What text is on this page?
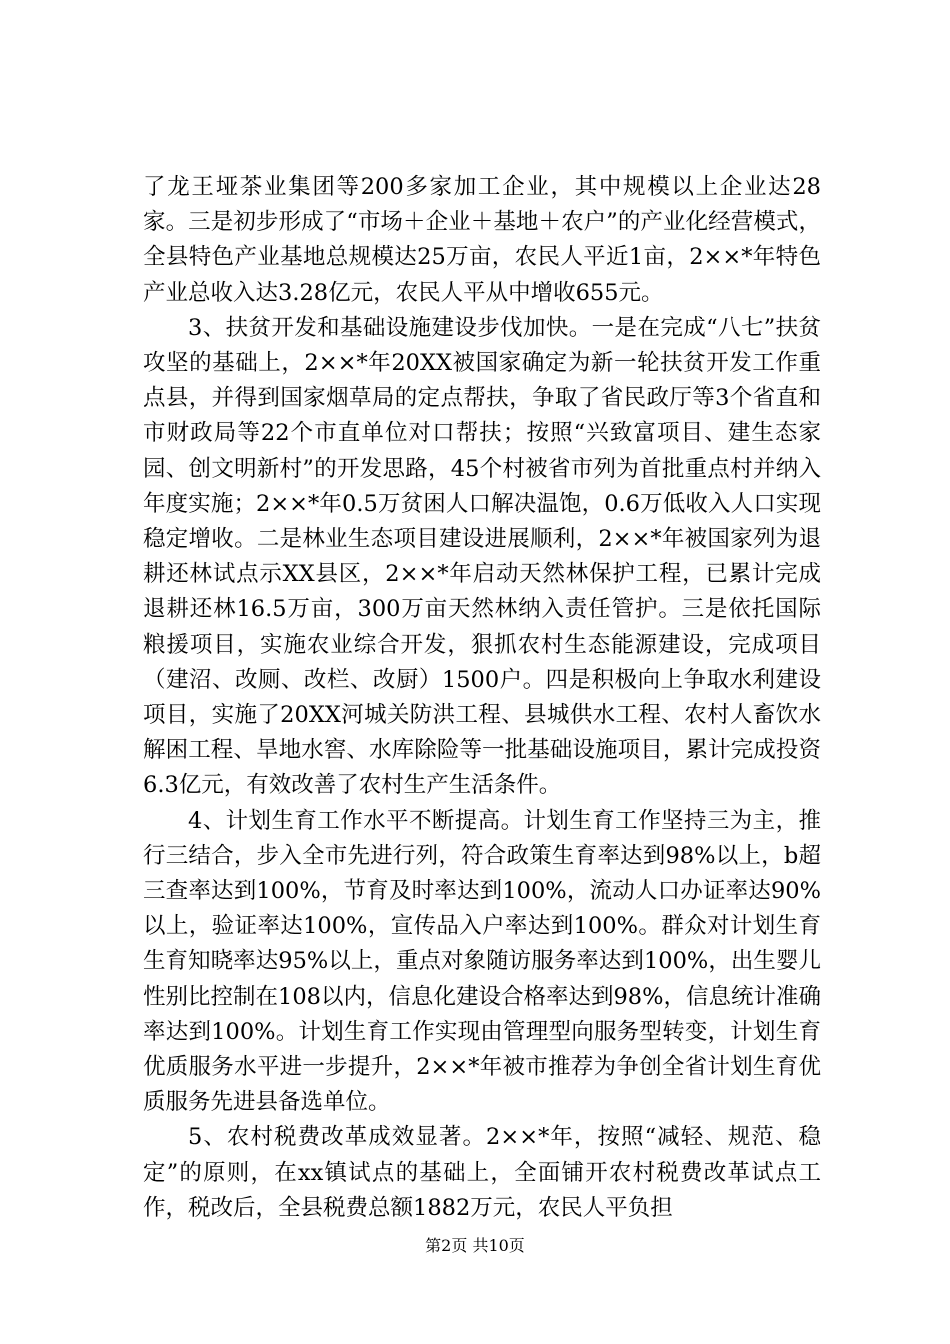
了龙王垭茶业集团等200多家加工企业，其中规模以上企业达28家。三是初步形成了“市场＋企业＋基地＋农户”的产业化经营模式，全县特色产业基地总规模达25万亩，农民人平近1亩，2××*年特色产业总收入达3.28亿元，农民人平从中增收655元。

3、扶贫开发和基础设施建设步伐加快。一是在完成“八七”扶贫攻坚的基础上，2××*年20XX被国家确定为新一轮扶贫开发工作重点县，并得到国家烟草局的定点帮扶，争取了省民政厅等3个省直和市财政局等22个市直单位对口帮扶；按照“兴致富项目、建生态家园、创文明新村”的开发思路，45个村被省市列为首批重点村并纳入年度实施；2××*年0.5万贫困人口解决温饱，0.6万低收入人口实现稳定增收。二是林业生态项目建设进展顺利，2××*年被国家列为退耕还林试点示XX县区，2××*年启动天然林保护工程，已累计完成退耕还林16.5万亩，300万亩天然林纳入责任管护。三是依托国际粮援项目，实施农业综合开发，狠抓农村生态能源建设，完成项目（建沼、改厕、改栏、改厨）1500户。四是积极向上争取水利建设项目，实施了20XX河城关防洪工程、县城供水工程、农村人畜饮水解困工程、旱地水窖、水库除险等一批基础设施项目，累计完成投资6.3亿元，有效改善了农村生产生活条件。

4、计划生育工作水平不断提高。计划生育工作坚持三为主，推行三结合，步入全市先进行列，符合政策生育率达到98%以上，b超三查率达到100%，节育及时率达到100%，流动人口办证率达90%以上，验证率达100%，宣传品入户率达到100%。群众对计划生育生育知晓率达95%以上，重点对象随访服务率达到100%，出生婴儿性别比控制在108以内，信息化建设合格率达到98%，信息统计准确率达到100%。计划生育工作实现由管理型向服务型转变，计划生育优质服务水平进一步提升，2××*年被市推荐为争创全省计划生育优质服务先进县备选单位。

5、农村税费改革成效显著。2××*年，按照“减轻、规范、稳定”的原则，在xx镇试点的基础上，全面铺开农村税费改革试点工作，税改后，全县税费总额1882万元，农民人平负担

第2页 共10页
